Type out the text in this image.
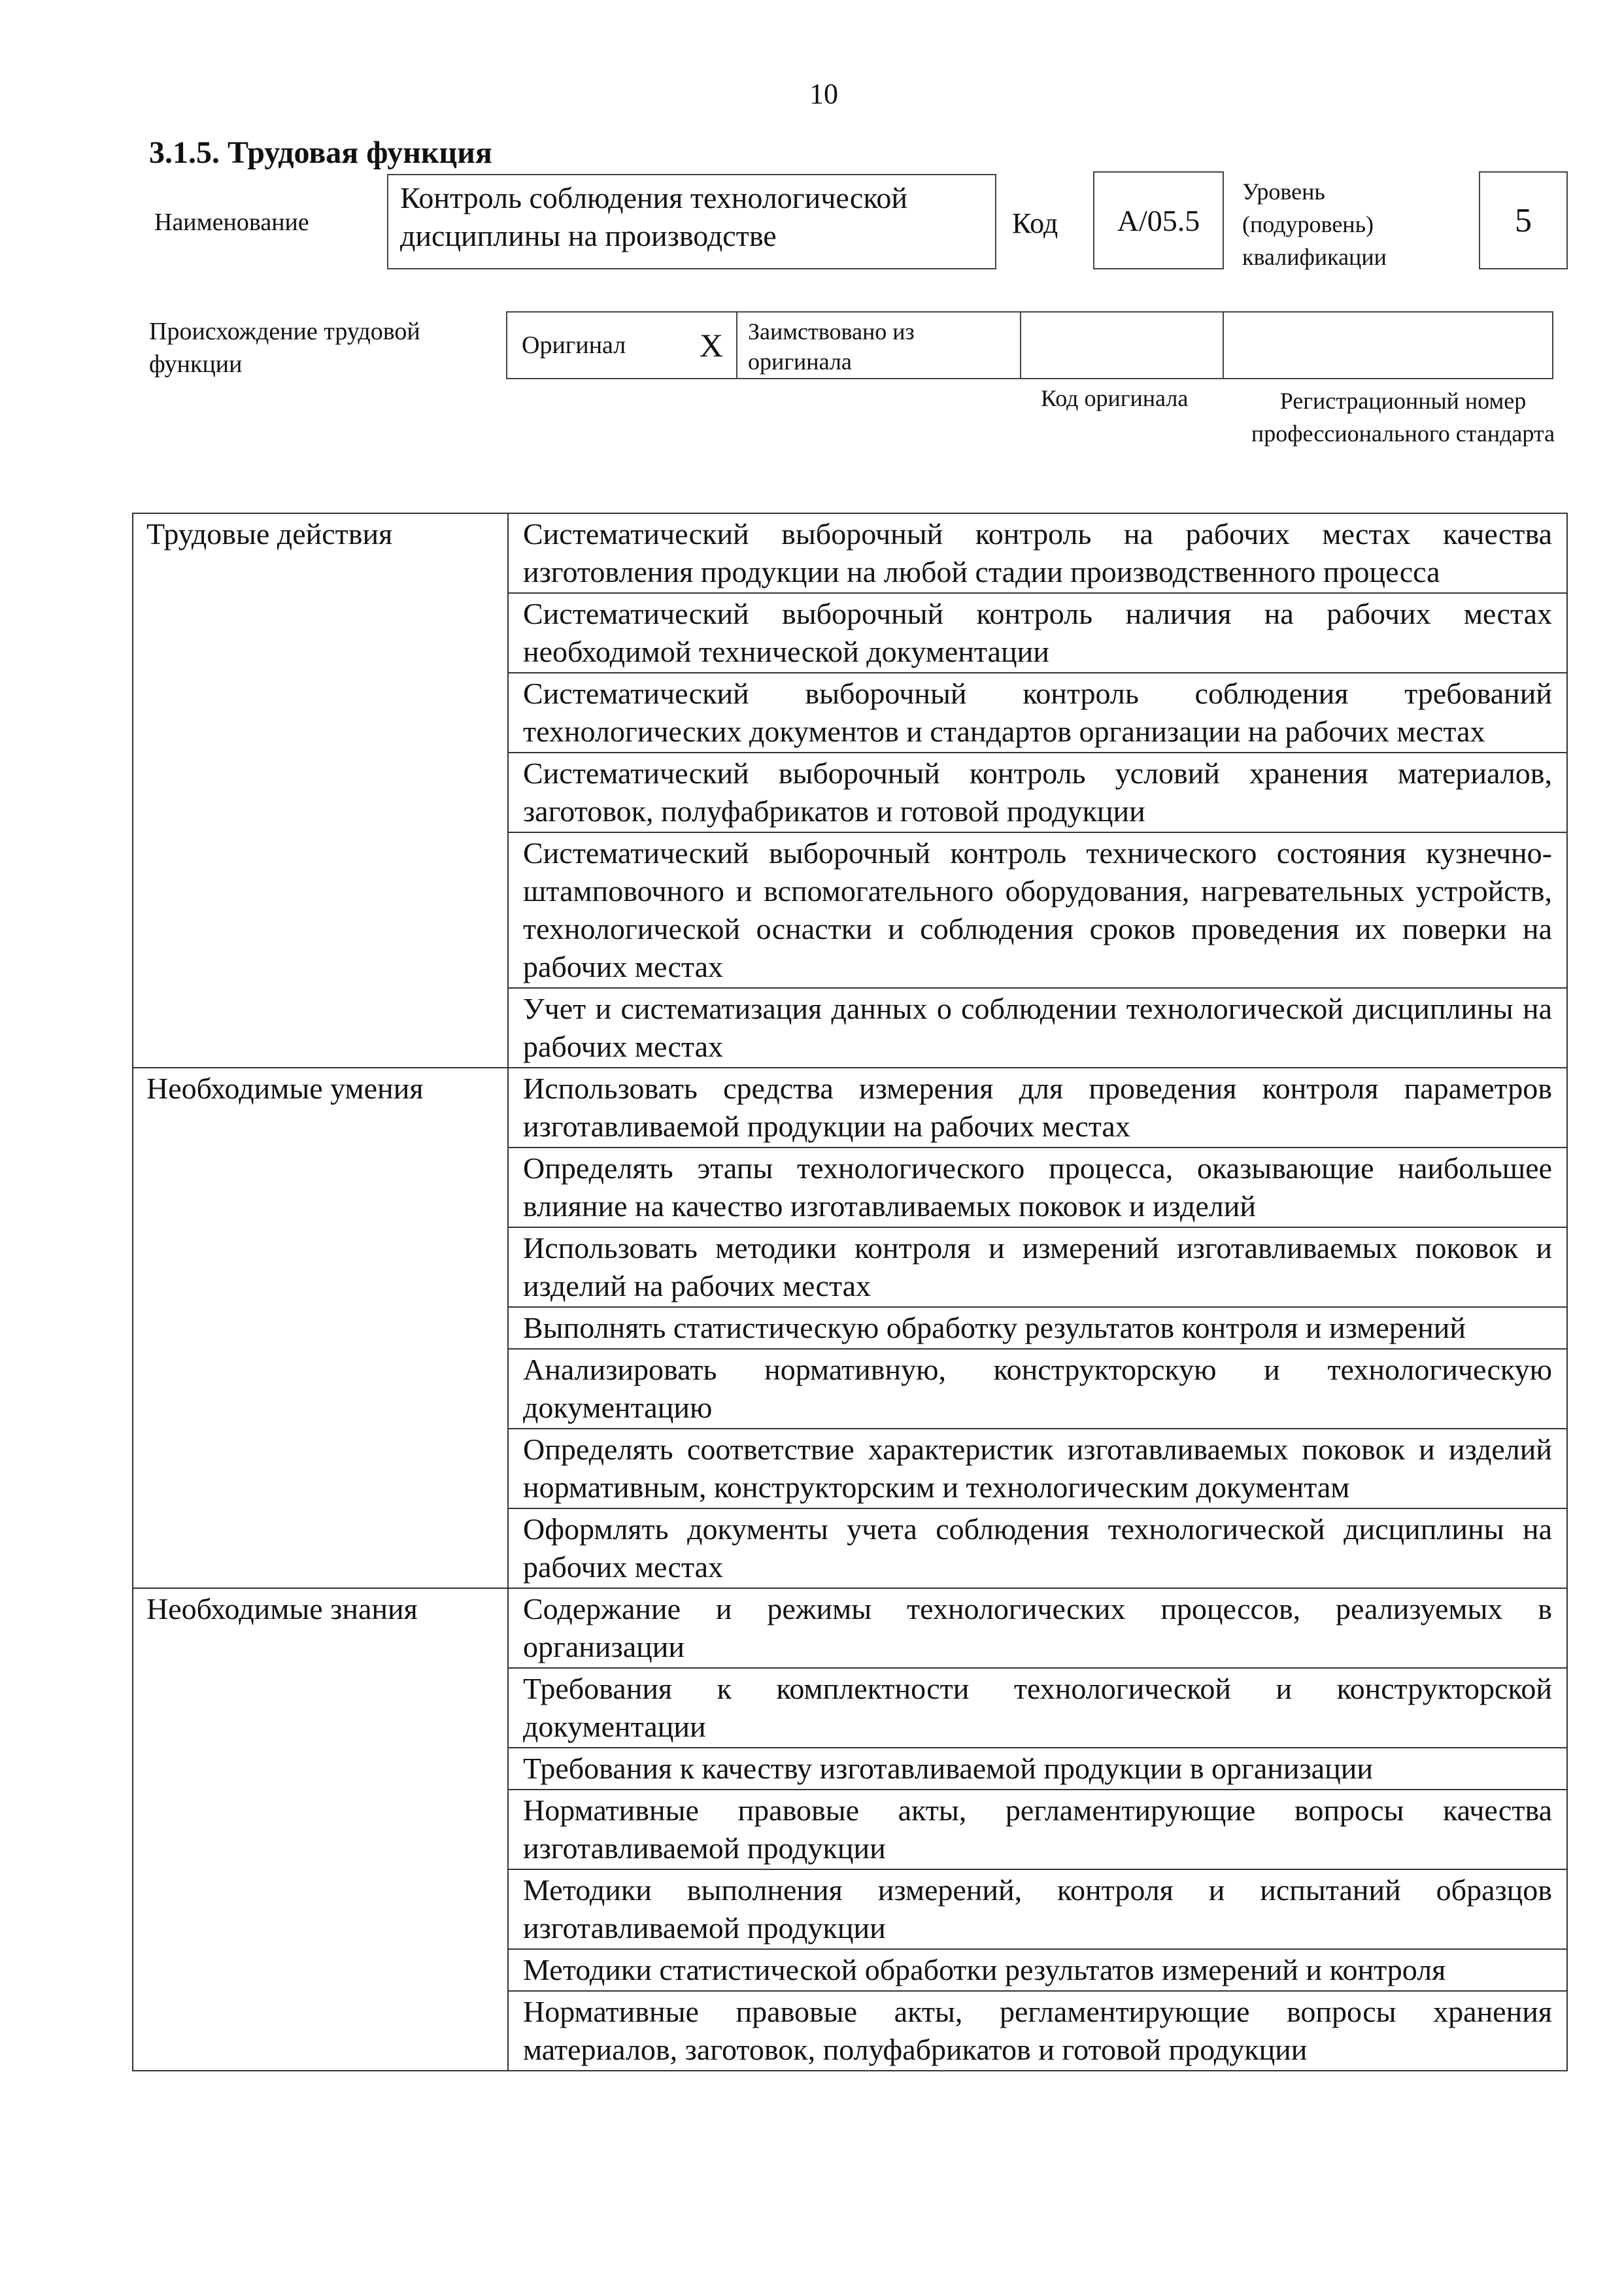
10
3.1.5. Трудовая функция
Наименование
Контроль соблюдения технологической дисциплины на производстве	Код A/05.5
Уровень (подуровень) квалификации
5
Происхождение трудовой функции
Оригинал X	Заимствовано из оригинала
Код оригинала	Регистрационный номер профессионального стандарта
Трудовые действия	Систематический выборочный контроль на рабочих местах качества изготовления продукции на любой стадии производственного процесса
	Систематический выборочный контроль наличия на рабочих местах необходимой технической документации
	Систематический выборочный контроль соблюдения требований технологических документов и стандартов организации на рабочих местах
	Систематический выборочный контроль условий хранения материалов, заготовок, полуфабрикатов и готовой продукции
	Систематический выборочный контроль технического состояния кузнечно-штамповочного и вспомогательного оборудования, нагревательных устройств, технологической оснастки и соблюдения сроков проведения их поверки на рабочих местах
	Учет и систематизация данных о соблюдении технологической дисциплины на рабочих местах
Необходимые умения	Использовать средства измерения для проведения контроля параметров изготавливаемой продукции на рабочих местах
	Определять этапы технологического процесса, оказывающие наибольшее влияние на качество изготавливаемых поковок и изделий
	Использовать методики контроля и измерений изготавливаемых поковок и изделий на рабочих местах
	Выполнять статистическую обработку результатов контроля и измерений
	Анализировать нормативную, конструкторскую и технологическую документацию
	Определять соответствие характеристик изготавливаемых поковок и изделий нормативным, конструкторским и технологическим документам
	Оформлять документы учета соблюдения технологической дисциплины на рабочих местах
Необходимые знания	Содержание и режимы технологических процессов, реализуемых в организации
	Требования к комплектности технологической и конструкторской документации
	Требования к качеству изготавливаемой продукции в организации
	Нормативные правовые акты, регламентирующие вопросы качества изготавливаемой продукции
	Методики выполнения измерений, контроля и испытаний образцов изготавливаемой продукции
	Методики статистической обработки результатов измерений и контроля
	Нормативные правовые акты, регламентирующие вопросы хранения материалов, заготовок, полуфабрикатов и готовой продукции
